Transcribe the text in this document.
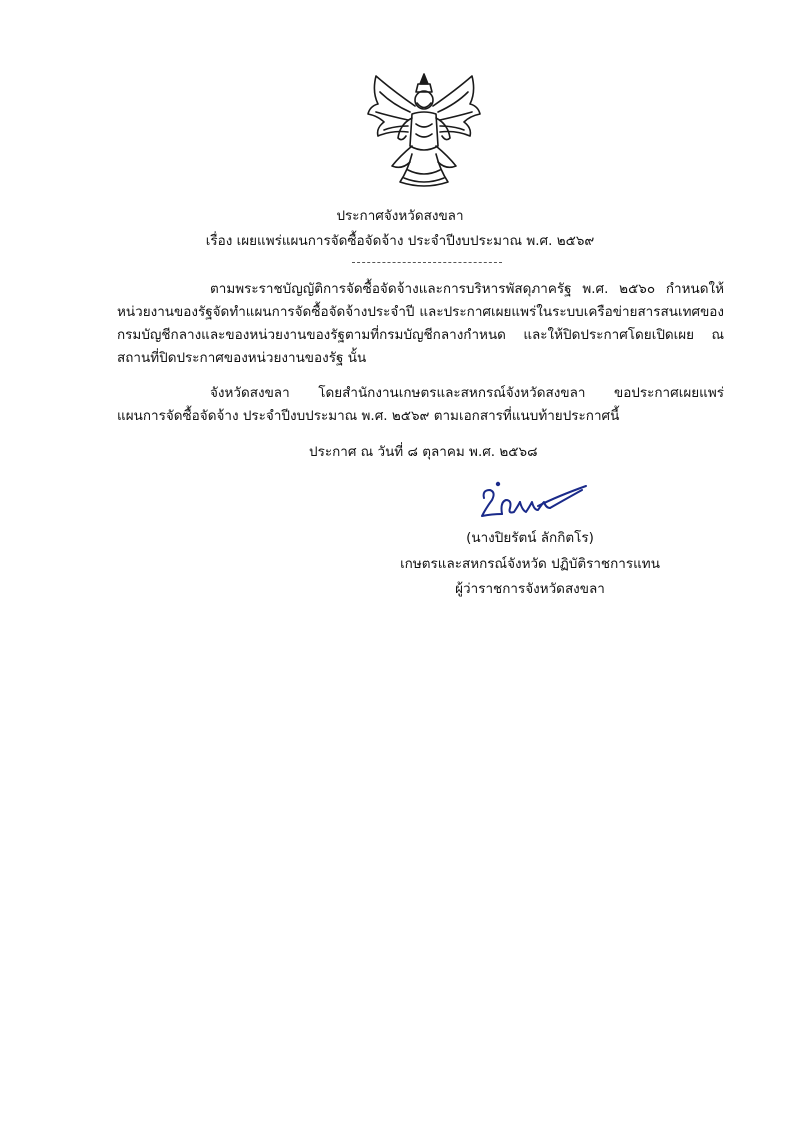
ประกาศจังหวัดสงขลา
เรื่อง เผยแพร่แผนการจัดซื้อจัดจ้าง ประจำปีงบประมาณ พ.ศ. ๒๕๖๙
ตามพระราชบัญญัติการจัดซื้อจัดจ้างและการบริหารพัสดุภาครัฐ พ.ศ. ๒๕๖๐ กำหนดให้หน่วยงานของรัฐจัดทำแผนการจัดซื้อจัดจ้างประจำปี และประกาศเผยแพร่ในระบบเครือข่ายสารสนเทศของกรมบัญชีกลางและของหน่วยงานของรัฐตามที่กรมบัญชีกลางกำหนด และให้ปิดประกาศโดยเปิดเผย ณ สถานที่ปิดประกาศของหน่วยงานของรัฐ นั้น
จังหวัดสงขลา โดยสำนักงานเกษตรและสหกรณ์จังหวัดสงขลา ขอประกาศเผยแพร่แผนการจัดซื้อจัดจ้าง ประจำปีงบประมาณ พ.ศ. ๒๕๖๙ ตามเอกสารที่แนบท้ายประกาศนี้
ประกาศ ณ วันที่ ๘ ตุลาคม พ.ศ. ๒๕๖๘
(นางปิยรัตน์ ลักกิตโร)
เกษตรและสหกรณ์จังหวัด ปฏิบัติราชการแทน
ผู้ว่าราชการจังหวัดสงขลา
